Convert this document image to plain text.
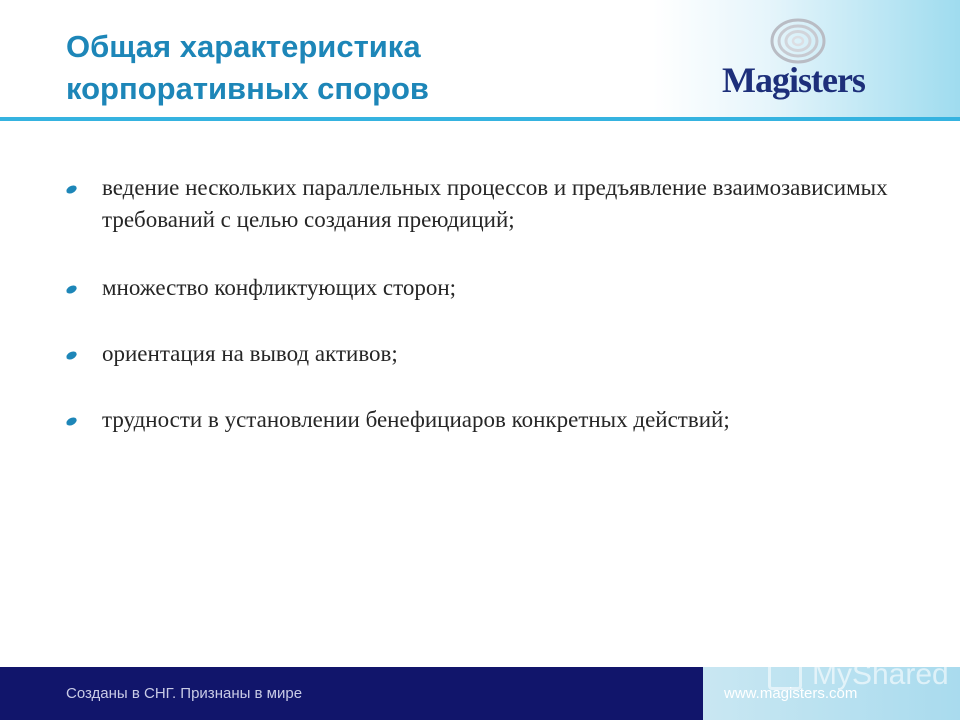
Общая характеристика
корпоративных споров	Magisters
ведение нескольких параллельных процессов и предъявление взаимозависимых требований с целью создания преюдиций;
множество конфликтующих сторон;
ориентация на вывод активов;
трудности в установлении бенефициаров конкретных действий;
Созданы в СНГ. Признаны в мире	www.magisters.com
MyShared
